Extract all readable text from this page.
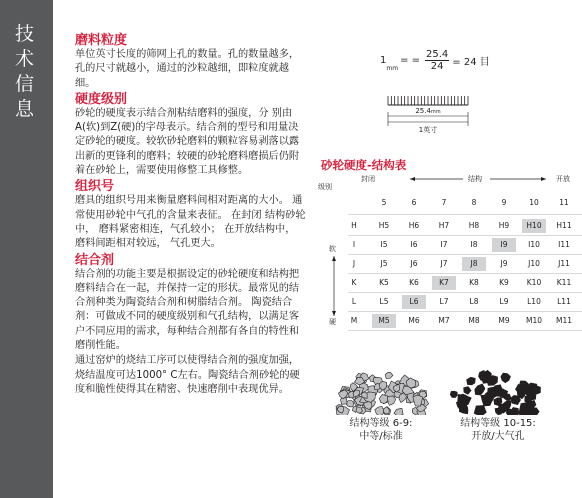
技术信息
磨料粒度

单位英寸长度的筛网上孔的数量。孔的数量越多，孔的尺寸就越小，通过的沙粒越细，即粒度就越细。

硬度级别

砂轮的硬度表示结合剂粘结磨料的强度，分 别由A(软)到Z(硬)的字母表示。结合剂的型号和用量决定砂轮的硬度。较软砂轮磨料的颗粒容易剥落以露出新的更锋利的磨料；较硬的砂轮磨料磨损后仍附着在砂轮上，需要使用修整工具修整。

组织号

磨具的组织号用来衡量磨料间相对距离的大小。 通常使用砂轮中气孔的含量来表征。 在封闭 结构砂轮中， 磨料紧密相连，气孔较小； 在开放结构中， 磨料间距相对较远， 气孔更大。

结合剂

结合剂的功能主要是根据设定的砂轮硬度和结构把磨料结合在一起，并保持一定的形状。最常见的结合剂种类为陶瓷结合剂和树脂结合剂。 陶瓷结合剂：可做成不同的硬度级别和气孔结构，以满足客户不同应用的需求，每种结合剂都有各自的特性和磨削性能。

通过窑炉的烧结工序可以使得结合剂的强度加强，烧结温度可达1000° C左右。陶瓷结合剂砂轮的硬度和脆性使得其在精密、快速磨削中表现优异。

1
mm
= = $\frac{25.4}{24} = 24$ 目
25.4mm
1英寸
砂轮硬度-结构表
级别
封闭	结构	开放
软
硬
5	6	7	8	9	10	11
H	H5	H6	H7	H8	H9	H10	H11
I	I5	I6	I7	I8	I9	I10	I11
J	J5	J6	J7	J8	J9	J10	J11
K	K5	K6	K7	K8	K9	K10	K11
L	L5	L6	L7	L8	L9	L10	L11
M	M5	M6	M7	M8	M9	M10	M11
结构等级 6-9:
中等/标准
结构等级 10-15:
开放/大气孔
